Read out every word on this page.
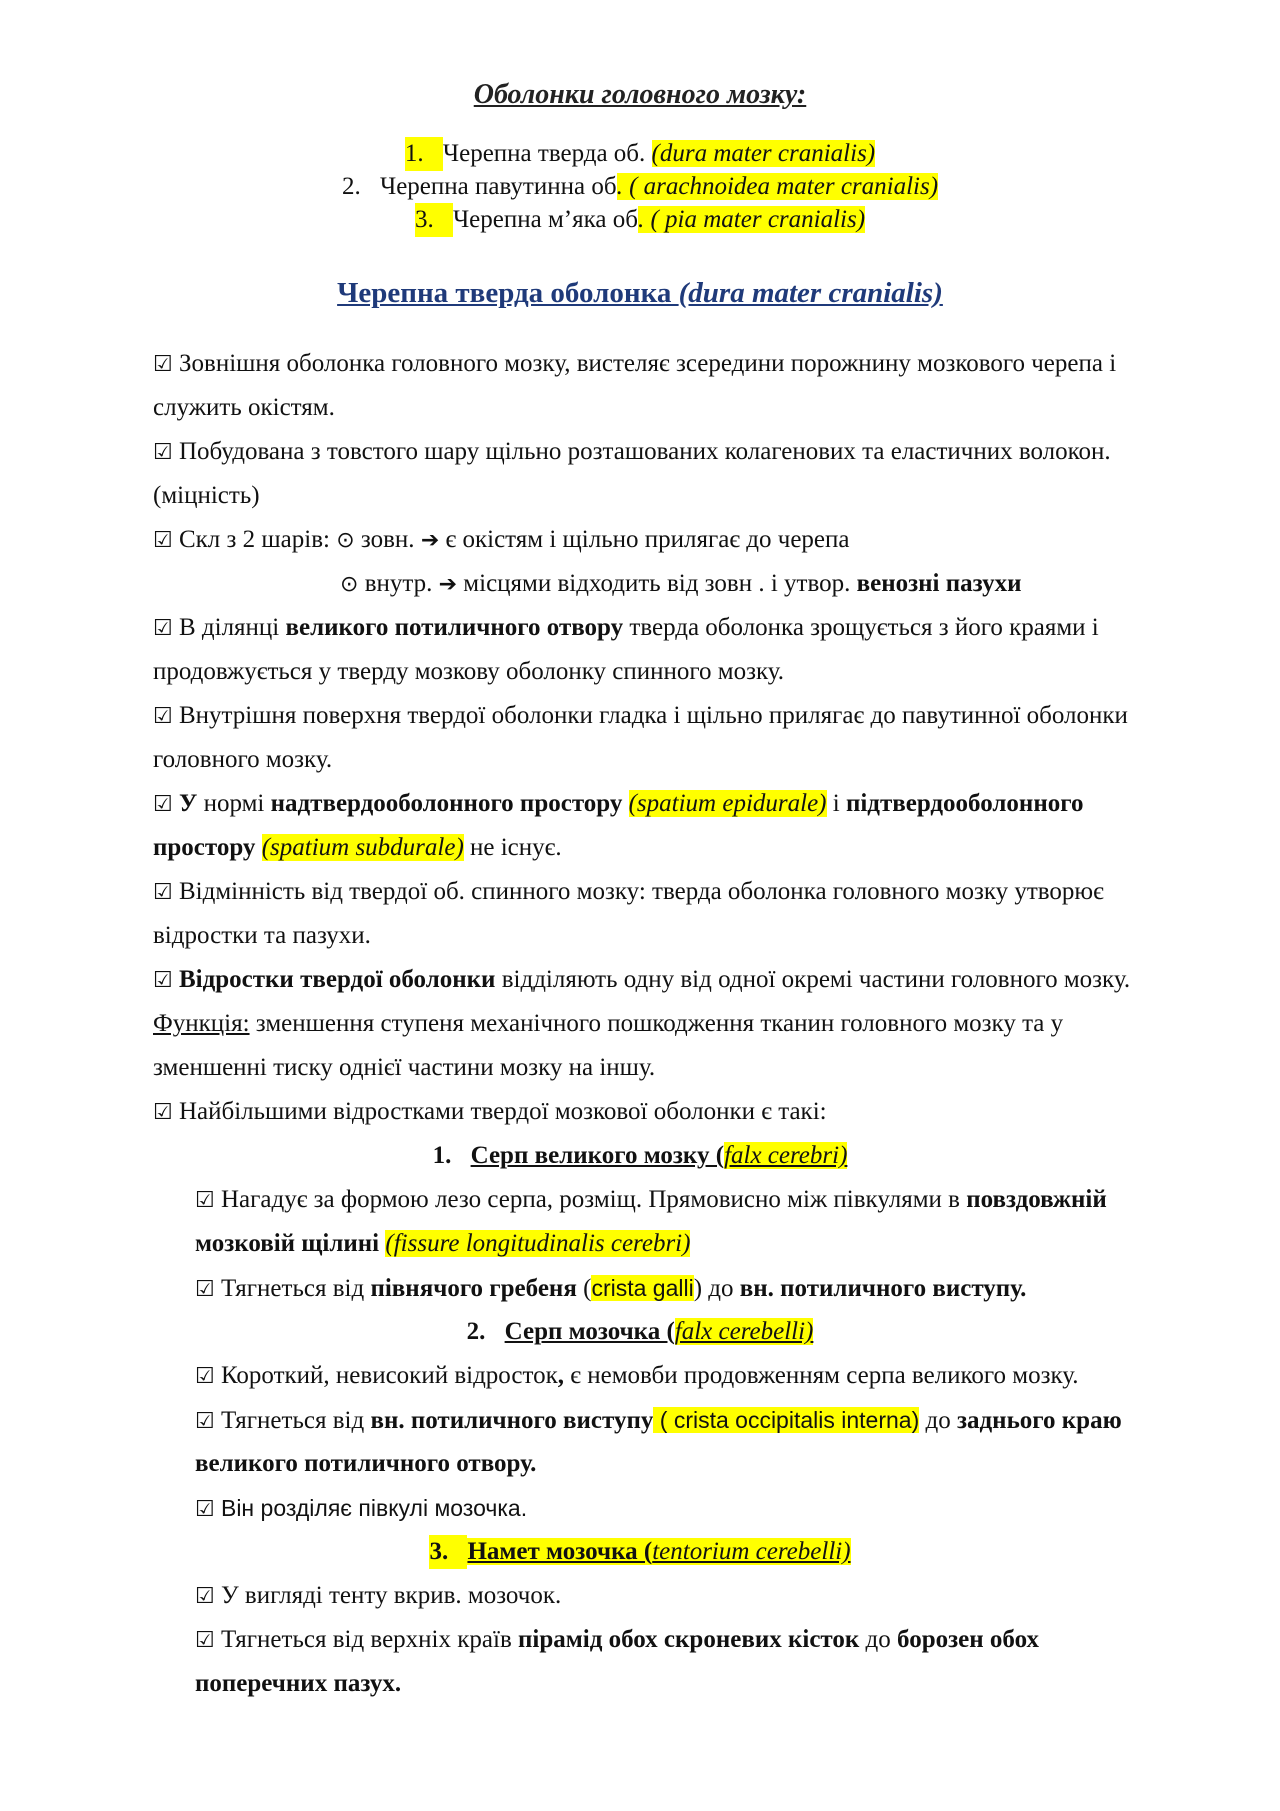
Оболонки головного мозку:
1. Черепна тверда об. (dura mater cranialis)
2. Черепна павутинна об. ( arachnoidea mater cranialis)
3. Черепна м’яка об. ( pia mater cranialis)
Черепна тверда оболонка (dura mater cranialis)
☑ Зовнішня оболонка головного мозку, вистеляє зсередини порожнину мозкового черепа і
служить окістям.
☑ Побудована з товстого шару щільно розташованих колагенових та еластичних волокон.
(міцність)
☑ Скл з 2 шарів: ⊙ зовн. ➔ є окістям і щільно прилягає до черепа
⊙ внутр. ➔ місцями відходить від зовн . і утвор. венозні пазухи
☑ В ділянці великого потиличного отвору тверда оболонка зрощується з його краями і
продовжується у тверду мозкову оболонку спинного мозку.
☑ Внутрішня поверхня твердої оболонки гладка і щільно прилягає до павутинної оболонки
головного мозку.
☑ У нормі надтвердооболонного простору (spatium epidurale) і підтвердооболонного
простору (spatium subdurale) не існує.
☑ Відмінність від твердої об. спинного мозку: тверда оболонка головного мозку утворює
відростки та пазухи.
☑ Відростки твердої оболонки відділяють одну від одної окремі частини головного мозку.
Функція: зменшення ступеня механічного пошкодження тканин головного мозку та у
зменшенні тиску однієї частини мозку на іншу.
☑ Найбільшими відростками твердої мозкової оболонки є такі:
1. Серп великого мозку (falx cerebri)
☑ Нагадує за формою лезо серпа, розміщ. Прямовисно між півкулями в повздовжній
мозковій щілині (fissure longitudinalis cerebri)
☑ Тягнеться від півнячого гребеня (crista galli) до вн. потиличного виступу.
2. Серп мозочка (falx cerebelli)
☑ Короткий, невисокий відросток, є немовби продовженням серпа великого мозку.
☑ Тягнеться від вн. потиличного виступу ( crista occipitalis interna) до заднього краю
великого потиличного отвору.
☑ Він розділяє півкулі мозочка.
3. Намет мозочка (tentorium cerebelli)
☑ У вигляді тенту вкрив. мозочок.
☑ Тягнеться від верхніх країв пірамід обох скроневих кісток до борозен обох
поперечних пазух.
